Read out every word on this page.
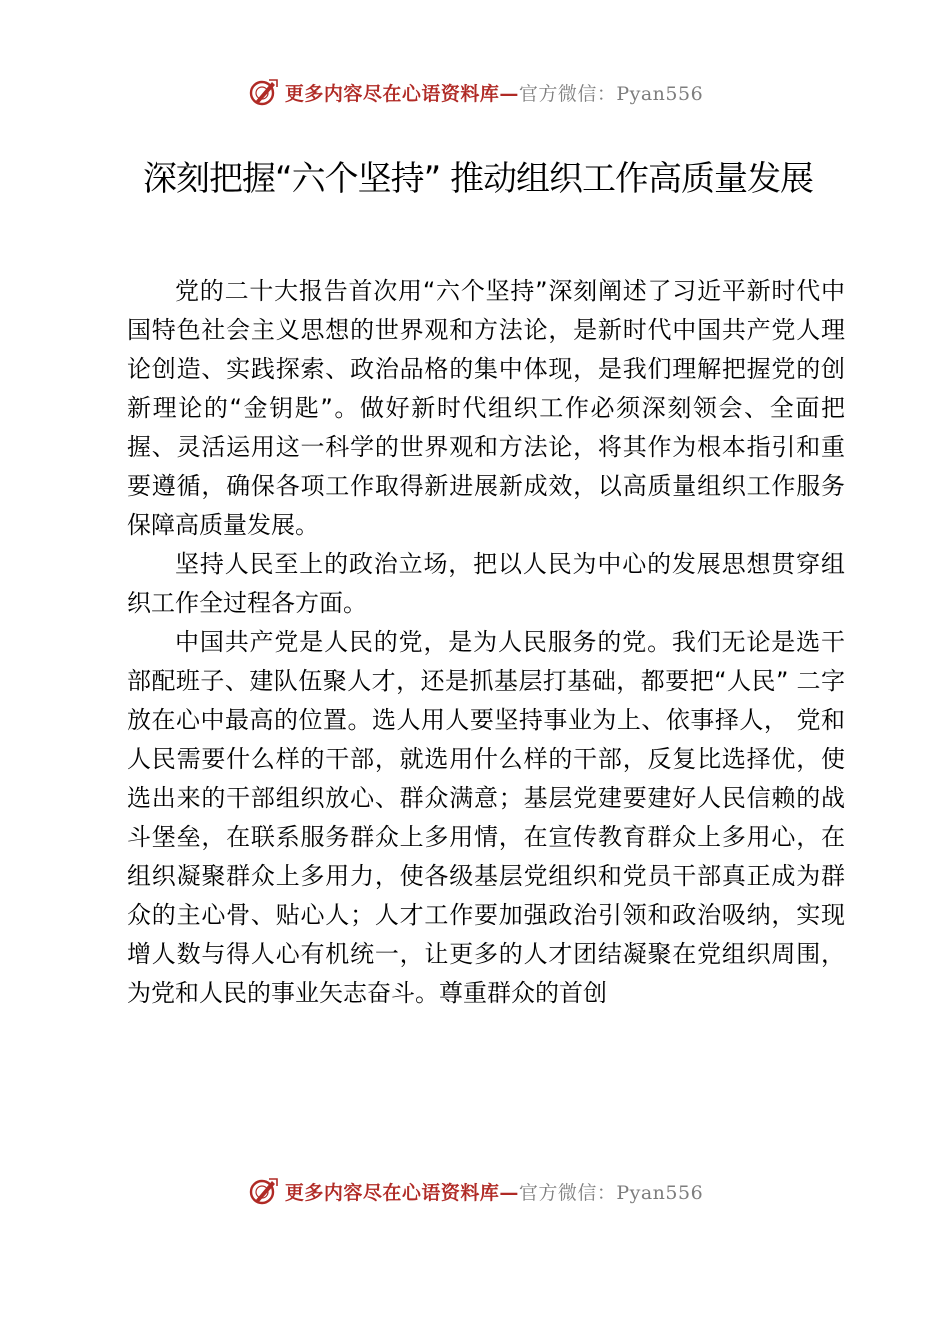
更多内容尽在心语资料库—官方微信：Pyan556
深刻把握“六个坚持” 推动组织工作高质量发展

党的二十大报告首次用“六个坚持”深刻阐述了习近平新时代中国特色社会主义思想的世界观和方法论，是新时代中国共产党人理论创造、实践探索、政治品格的集中体现，是我们理解把握党的创新理论的“金钥匙”。做好新时代组织工作必须深刻领会、全面把握、灵活运用这一科学的世界观和方法论，将其作为根本指引和重要遵循，确保各项工作取得新进展新成效，以高质量组织工作服务保障高质量发展。

坚持人民至上的政治立场，把以人民为中心的发展思想贯穿组织工作全过程各方面。

中国共产党是人民的党，是为人民服务的党。我们无论是选干部配班子、建队伍聚人才，还是抓基层打基础，都要把“人民” 二字放在心中最高的位置。选人用人要坚持事业为上、依事择人， 党和人民需要什么样的干部，就选用什么样的干部，反复比选择优，使选出来的干部组织放心、群众满意；基层党建要建好人民信赖的战斗堡垒，在联系服务群众上多用情，在宣传教育群众上多用心，在组织凝聚群众上多用力，使各级基层党组织和党员干部真正成为群众的主心骨、贴心人；人才工作要加强政治引领和政治吸纳，实现增人数与得人心有机统一，让更多的人才团结凝聚在党组织周围，为党和人民的事业矢志奋斗。尊重群众的首创

更多内容尽在心语资料库—官方微信：Pyan556
